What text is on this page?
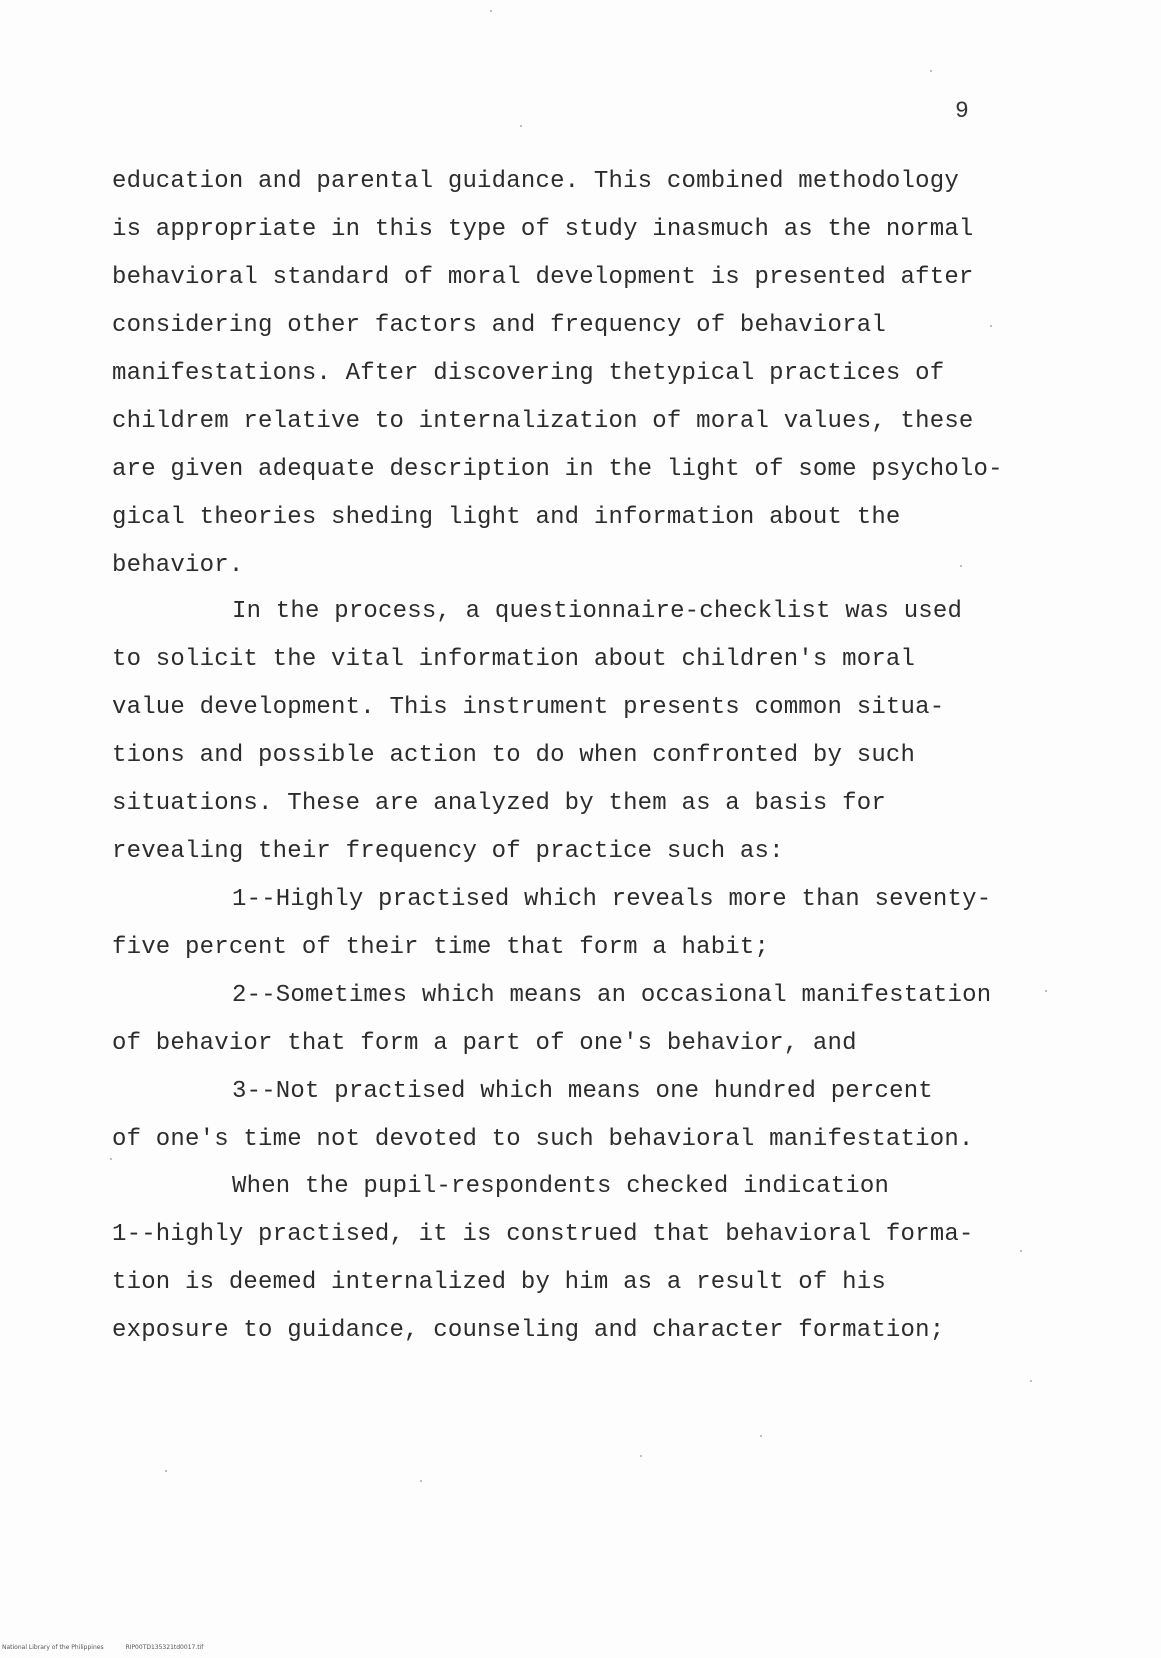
9
education and parental guidance. This combined methodology
is appropriate in this type of study inasmuch as the normal
behavioral standard of moral development is presented after
considering other factors and frequency of behavioral
manifestations. After discovering thetypical practices of
childrem relative to internalization of moral values, these
are given adequate description in the light of some psycholo-
gical theories sheding light and information about the
behavior.
In the process, a questionnaire-checklist was used
to solicit the vital information about children's moral
value development. This instrument presents common situa-
tions and possible action to do when confronted by such
situations. These are analyzed by them as a basis for
revealing their frequency of practice such as:
1--Highly practised which reveals more than seventy-
five percent of their time that form a habit;
2--Sometimes which means an occasional manifestation
of behavior that form a part of one's behavior, and
3--Not practised which means one hundred percent
of one's time not devoted to such behavioral manifestation.
When the pupil-respondents checked indication
1--highly practised, it is construed that behavioral forma-
tion is deemed internalized by him as a result of his
exposure to guidance, counseling and character formation;
National Library of the Philippines	RIP00TD135321td0017.tif
